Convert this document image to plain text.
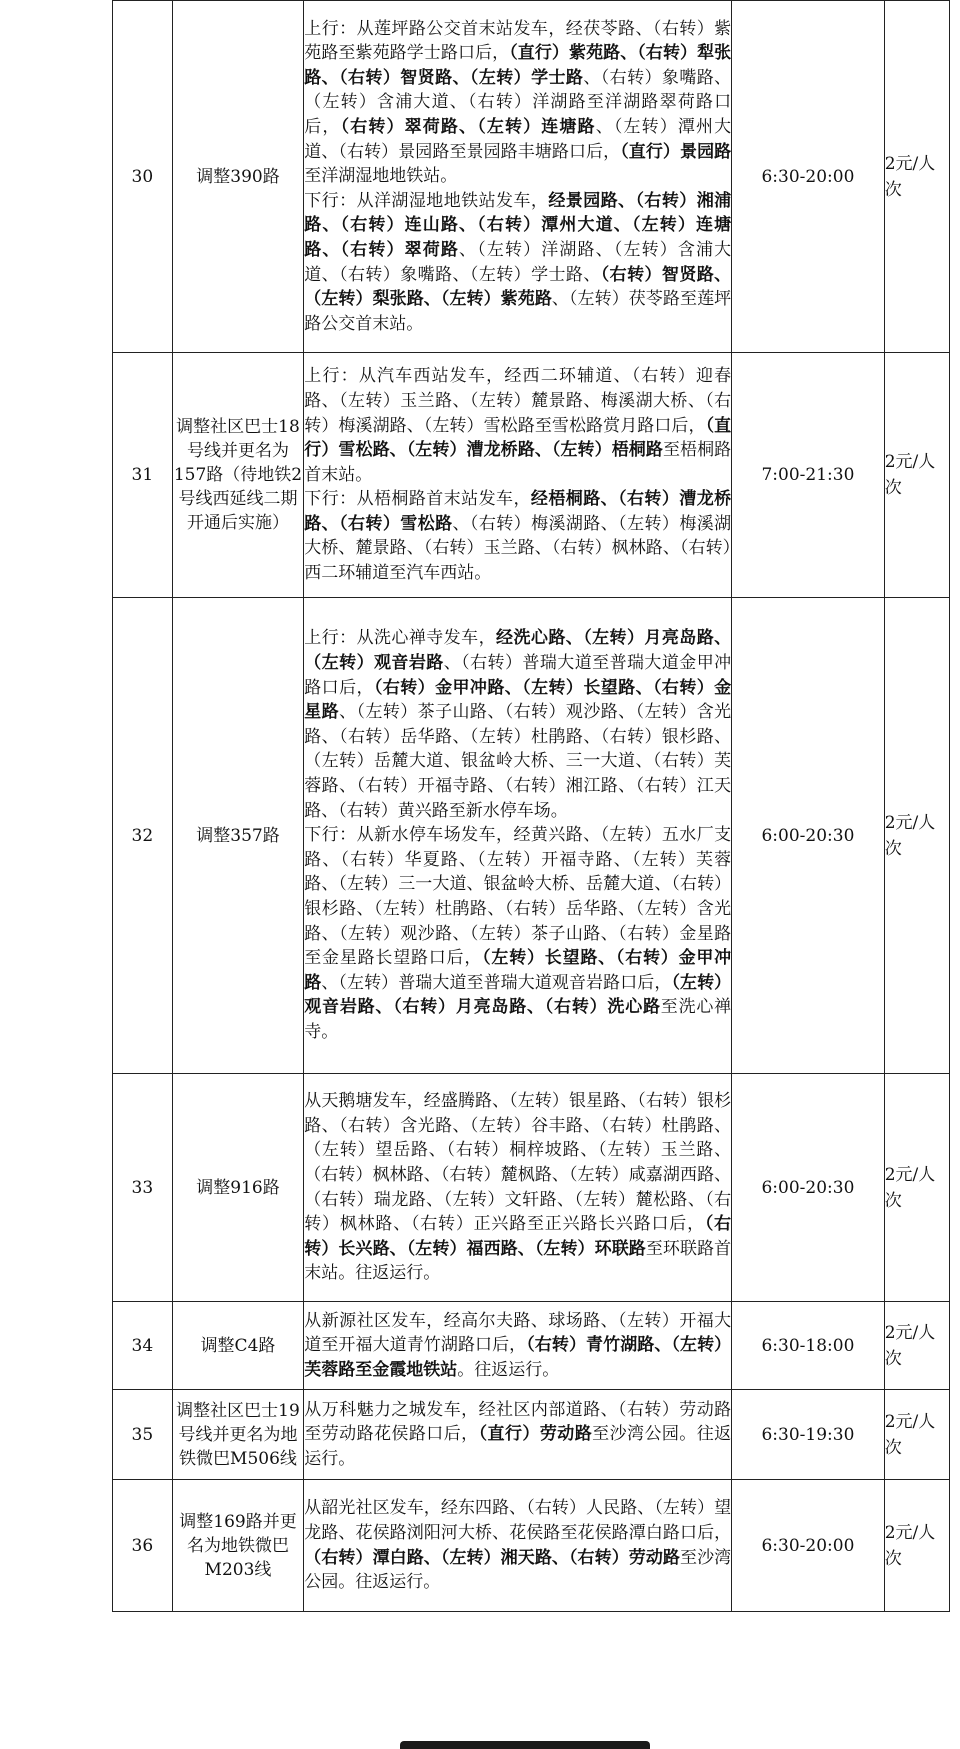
30	调整390路	上行：从莲坪路公交首末站发车，经茯苓路、（右转）紫苑路至紫苑路学士路口后，（直行）紫苑路、（右转）犁张路、（右转）智贤路、（左转）学士路、（右转）象嘴路、（左转）含浦大道、（右转）洋湖路至洋湖路翠荷路口后，（右转）翠荷路、（左转）连塘路、（左转）潭州大道、（右转）景园路至景园路丰塘路口后，（直行）景园路至洋湖湿地地铁站。
下行：从洋湖湿地地铁站发车，经景园路、（右转）湘浦路、（右转）连山路、（右转）潭州大道、（左转）连塘路、（右转）翠荷路、（左转）洋湖路、（左转）含浦大道、（右转）象嘴路、（左转）学士路、（右转）智贤路、（左转）梨张路、（左转）紫苑路、（左转）茯苓路至莲坪路公交首末站。	6:30-20:00	2元/人次
31	调整社区巴士18号线并更名为157路（待地铁2号线西延线二期开通后实施）	上行：从汽车西站发车，经西二环辅道、（右转）迎春路、（左转）玉兰路、（左转）麓景路、梅溪湖大桥、（右转）梅溪湖路、（左转）雪松路至雪松路赏月路口后，（直行）雪松路、（左转）漕龙桥路、（左转）梧桐路至梧桐路首末站。
下行：从梧桐路首末站发车，经梧桐路、（右转）漕龙桥路、（右转）雪松路、（右转）梅溪湖路、（左转）梅溪湖大桥、麓景路、（右转）玉兰路、（右转）枫林路、（右转）西二环辅道至汽车西站。	7:00-21:30	2元/人次
32	调整357路	上行：从洗心禅寺发车，经洗心路、（左转）月亮岛路、（左转）观音岩路、（右转）普瑞大道至普瑞大道金甲冲路口后，（右转）金甲冲路、（左转）长望路、（右转）金星路、（左转）茶子山路、（右转）观沙路、（左转）含光路、（右转）岳华路、（左转）杜鹃路、（右转）银杉路、（左转）岳麓大道、银盆岭大桥、三一大道、（右转）芙蓉路、（右转）开福寺路、（右转）湘江路、（右转）江天路、（右转）黄兴路至新水停车场。
下行：从新水停车场发车，经黄兴路、（左转）五水厂支路、（右转）华夏路、（左转）开福寺路、（左转）芙蓉路、（左转）三一大道、银盆岭大桥、岳麓大道、（右转）银杉路、（左转）杜鹃路、（右转）岳华路、（左转）含光路、（左转）观沙路、（左转）茶子山路、（右转）金星路至金星路长望路口后，（左转）长望路、（右转）金甲冲路、（左转）普瑞大道至普瑞大道观音岩路口后，（左转）观音岩路、（右转）月亮岛路、（右转）洗心路至洗心禅寺。	6:00-20:30	2元/人次
33	调整916路	从天鹅塘发车，经盛腾路、（左转）银星路、（右转）银杉路、（右转）含光路、（左转）谷丰路、（右转）杜鹃路、（左转）望岳路、（右转）桐梓坡路、（左转）玉兰路、（右转）枫林路、（右转）麓枫路、（左转）咸嘉湖西路、（右转）瑞龙路、（左转）文轩路、（左转）麓松路、（右转）枫林路、（右转）正兴路至正兴路长兴路口后，（右转）长兴路、（左转）福西路、（左转）环联路至环联路首末站。往返运行。	6:00-20:30	2元/人次
34	调整C4路	从新源社区发车，经高尔夫路、球场路、（左转）开福大道至开福大道青竹湖路口后，（右转）青竹湖路、（左转）芙蓉路至金霞地铁站。往返运行。	6:30-18:00	2元/人次
35	调整社区巴士19号线并更名为地铁微巴M506线	从万科魅力之城发车，经社区内部道路、（右转）劳动路至劳动路花侯路口后，（直行）劳动路至沙湾公园。往返运行。	6:30-19:30	2元/人次
36	调整169路并更名为地铁微巴M203线	从韶光社区发车，经东四路、（右转）人民路、（左转）望龙路、花侯路浏阳河大桥、花侯路至花侯路潭白路口后，（右转）潭白路、（左转）湘天路、（右转）劳动路至沙湾公园。往返运行。	6:30-20:00	2元/人次
